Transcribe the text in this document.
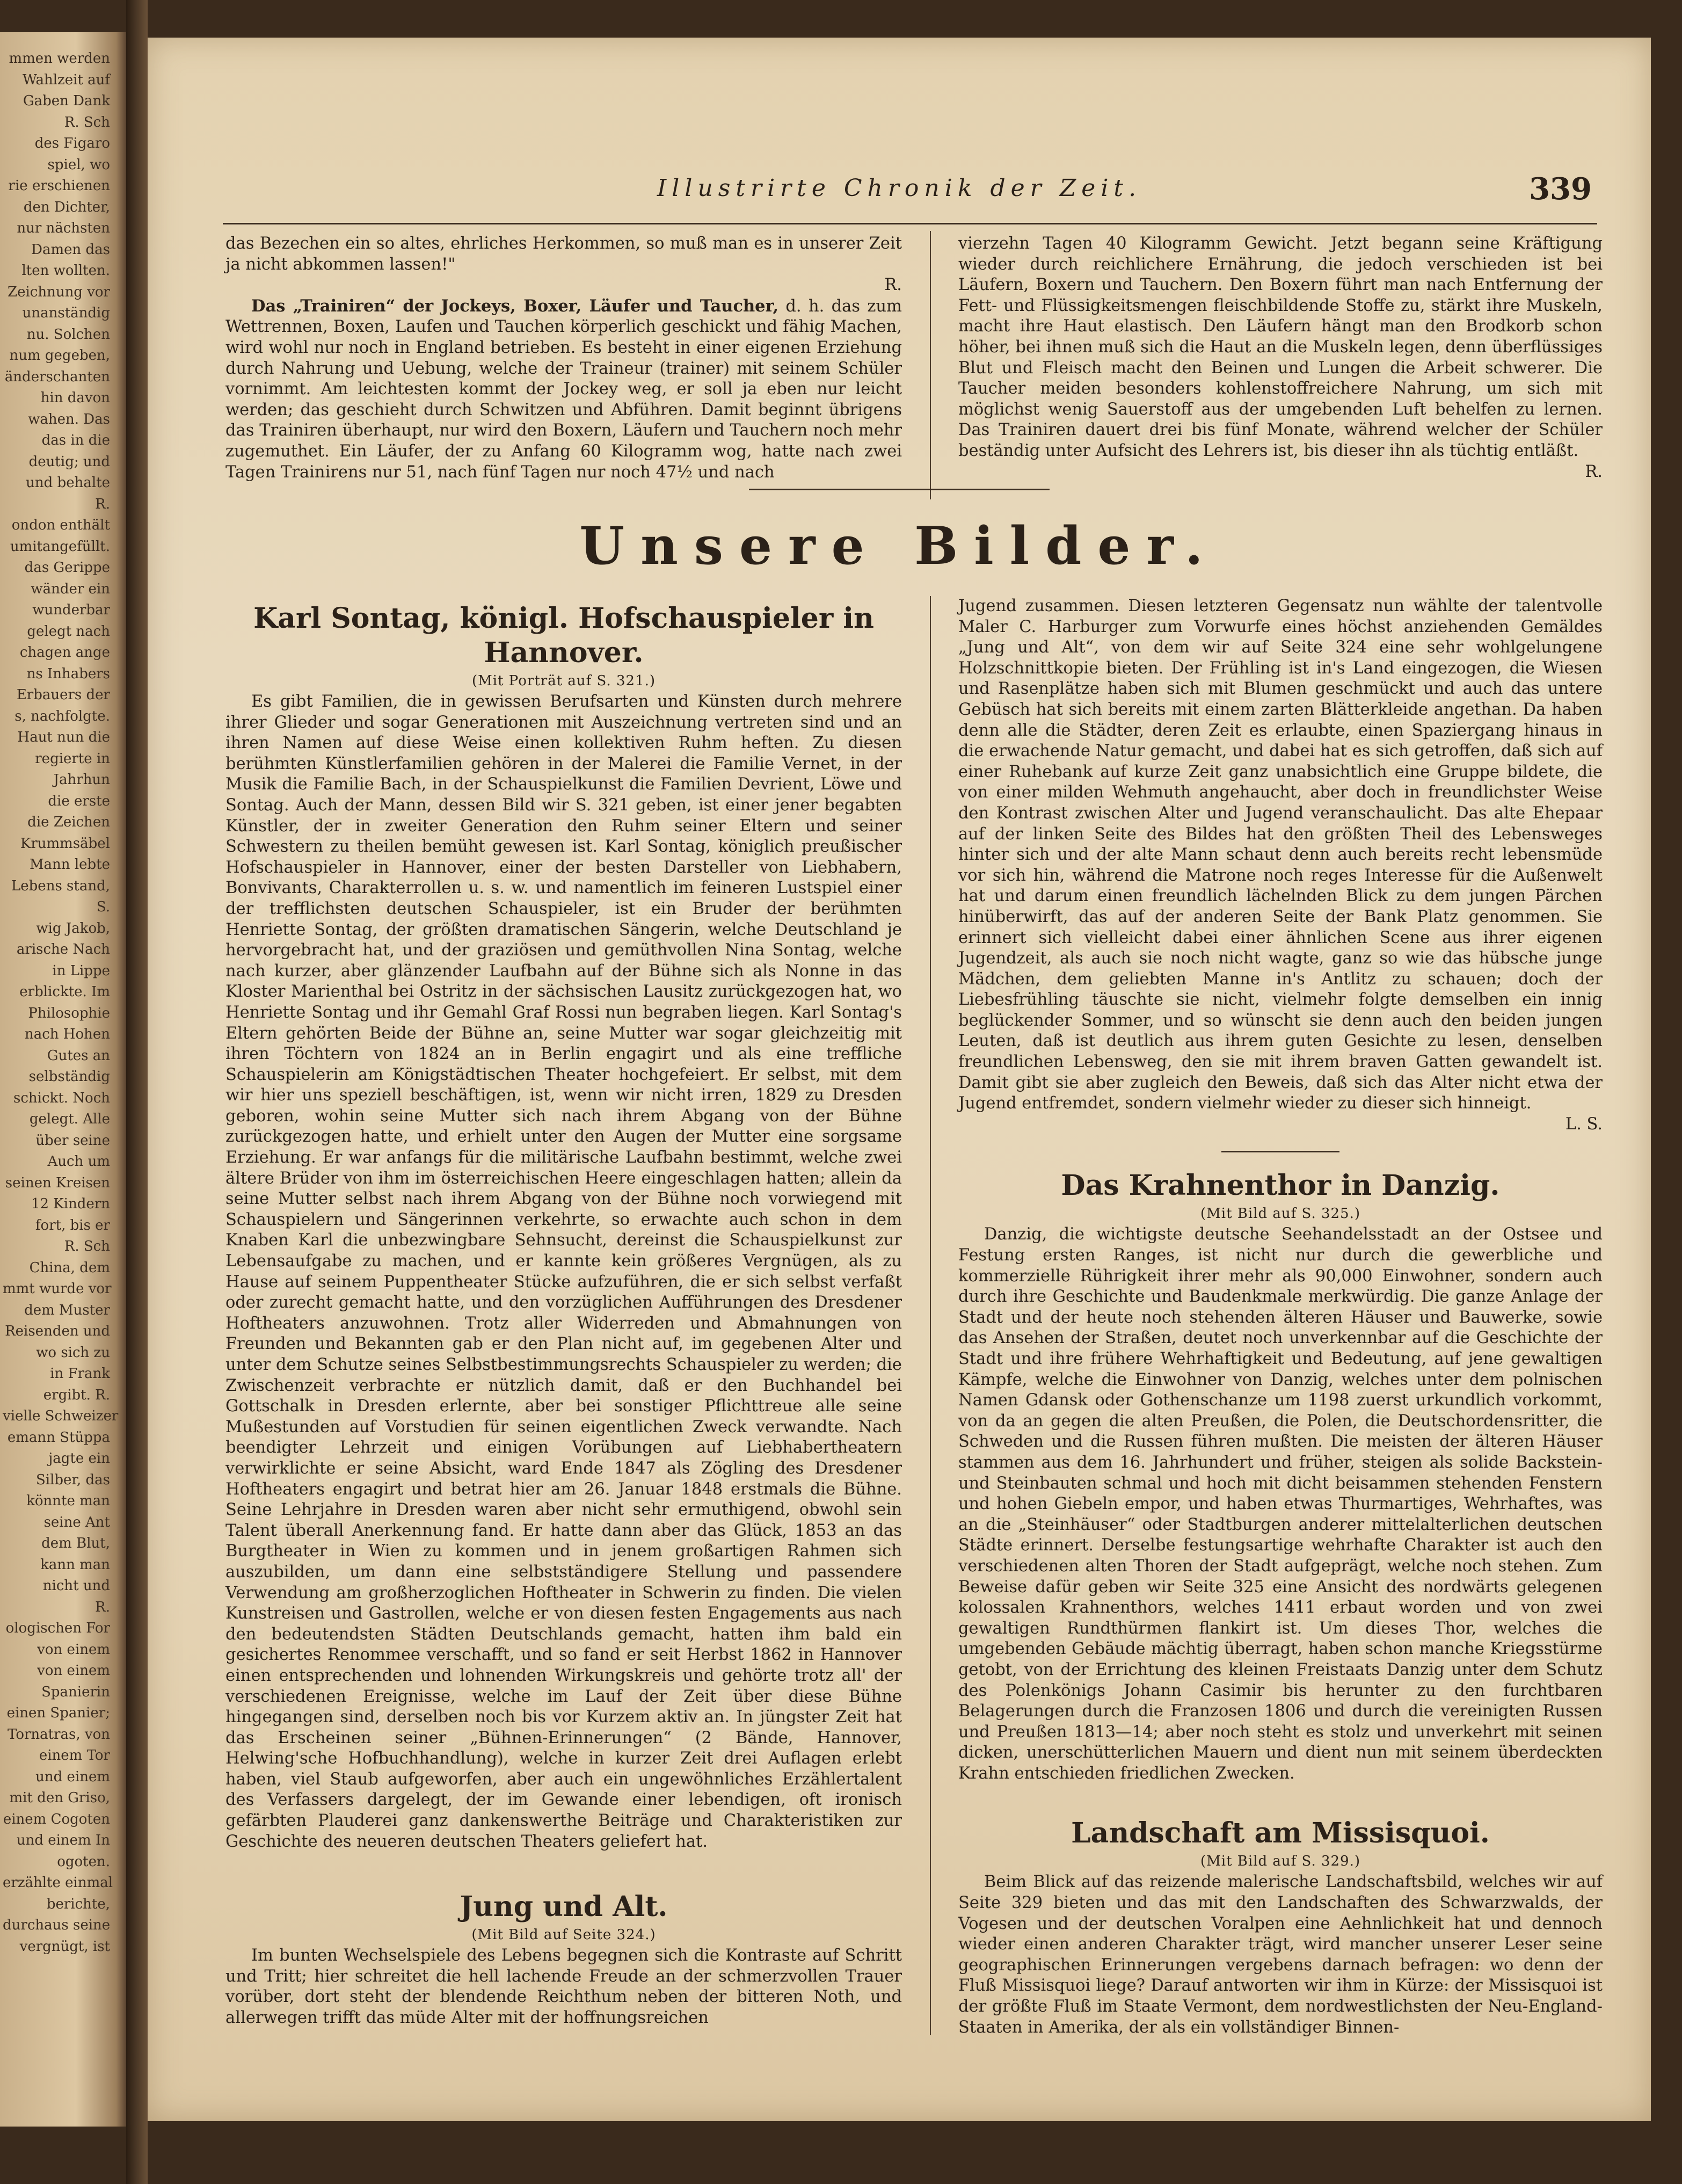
mmen werden
Wahlzeit auf
Gaben Dank
R. Sch
des Figaro
spiel, wo
rie erschienen
den Dichter,
nur nächsten
Damen das
lten wollten.
Zeichnung vor
unanständig
nu. Solchen
num gegeben,
änderschanten
hin davon
wahen. Das
das in die
deutig; und
und behalte
R.
ondon enthält
umitangefüllt.
das Gerippe
wänder ein
wunderbar
gelegt nach
chagen ange
ns Inhabers
Erbauers der
s, nachfolgte.
Haut nun die
regierte in
Jahrhun
die erste
die Zeichen
Krummsäbel
Mann lebte
Lebens stand,
S.
wig Jakob,
arische Nach
in Lippe
erblickte. Im
Philosophie
nach Hohen
Gutes an
selbständig
schickt. Noch
gelegt. Alle
über seine
Auch um
seinen Kreisen
12 Kindern
fort, bis er
R. Sch
China, dem
mmt wurde vor
dem Muster
Reisenden und
wo sich zu
in Frank
ergibt. R.
vielle Schweizer
emann Stüppa
jagte ein
Silber, das
könnte man
seine Ant
dem Blut,
kann man
nicht und
R.
ologischen For
von einem
von einem
Spanierin
einen Spanier;
Tornatras, von
einem Tor
und einem
mit den Griso,
einem Cogoten
und einem In
ogoten.
erzählte einmal
berichte,
durchaus seine
vergnügt, ist
Illustrirte Chronik der Zeit.	339

das Bezechen ein so altes, ehrliches Herkommen, so muß man es in unserer Zeit ja nicht abkommen lassen!"

R.

Das „Trainiren“ der Jockeys, Boxer, Läufer und Taucher, d. h. das zum Wettrennen, Boxen, Laufen und Tauchen körperlich geschickt und fähig Machen, wird wohl nur noch in England betrieben. Es besteht in einer eigenen Erziehung durch Nahrung und Uebung, welche der Traineur (trainer) mit seinem Schüler vornimmt. Am leichtesten kommt der Jockey weg, er soll ja eben nur leicht werden; das geschieht durch Schwitzen und Abführen. Damit beginnt übrigens das Trainiren überhaupt, nur wird den Boxern, Läufern und Tauchern noch mehr zugemuthet. Ein Läufer, der zu Anfang 60 Kilogramm wog, hatte nach zwei Tagen Trainirens nur 51, nach fünf Tagen nur noch 47½ und nach

vierzehn Tagen 40 Kilogramm Gewicht. Jetzt begann seine Kräftigung wieder durch reichlichere Ernährung, die jedoch verschieden ist bei Läufern, Boxern und Tauchern. Den Boxern führt man nach Entfernung der Fett- und Flüssigkeitsmengen fleischbildende Stoffe zu, stärkt ihre Muskeln, macht ihre Haut elastisch. Den Läufern hängt man den Brodkorb schon höher, bei ihnen muß sich die Haut an die Muskeln legen, denn überflüssiges Blut und Fleisch macht den Beinen und Lungen die Arbeit schwerer. Die Taucher meiden besonders kohlenstoffreichere Nahrung, um sich mit möglichst wenig Sauerstoff aus der umgebenden Luft behelfen zu lernen. Das Trainiren dauert drei bis fünf Monate, während welcher der Schüler beständig unter Aufsicht des Lehrers ist, bis dieser ihn als tüchtig entläßt.

R.

Unsere Bilder.

Karl Sontag, königl. Hofschauspieler in Hannover.

(Mit Porträt auf S. 321.)

Es gibt Familien, die in gewissen Berufsarten und Künsten durch mehrere ihrer Glieder und sogar Generationen mit Auszeichnung vertreten sind und an ihren Namen auf diese Weise einen kollektiven Ruhm heften. Zu diesen berühmten Künstlerfamilien gehören in der Malerei die Familie Vernet, in der Musik die Familie Bach, in der Schauspielkunst die Familien Devrient, Löwe und Sontag. Auch der Mann, dessen Bild wir S. 321 geben, ist einer jener begabten Künstler, der in zweiter Generation den Ruhm seiner Eltern und seiner Schwestern zu theilen bemüht gewesen ist. Karl Sontag, königlich preußischer Hofschauspieler in Hannover, einer der besten Darsteller von Liebhabern, Bonvivants, Charakterrollen u. s. w. und namentlich im feineren Lustspiel einer der trefflichsten deutschen Schauspieler, ist ein Bruder der berühmten Henriette Sontag, der größten dramatischen Sängerin, welche Deutschland je hervorgebracht hat, und der graziösen und gemüthvollen Nina Sontag, welche nach kurzer, aber glänzender Laufbahn auf der Bühne sich als Nonne in das Kloster Marienthal bei Ostritz in der sächsischen Lausitz zurückgezogen hat, wo Henriette Sontag und ihr Gemahl Graf Rossi nun begraben liegen. Karl Sontag's Eltern gehörten Beide der Bühne an, seine Mutter war sogar gleichzeitig mit ihren Töchtern von 1824 an in Berlin engagirt und als eine treffliche Schauspielerin am Königstädtischen Theater hochgefeiert. Er selbst, mit dem wir hier uns speziell beschäftigen, ist, wenn wir nicht irren, 1829 zu Dresden geboren, wohin seine Mutter sich nach ihrem Abgang von der Bühne zurückgezogen hatte, und erhielt unter den Augen der Mutter eine sorgsame Erziehung. Er war anfangs für die militärische Laufbahn bestimmt, welche zwei ältere Brüder von ihm im österreichischen Heere eingeschlagen hatten; allein da seine Mutter selbst nach ihrem Abgang von der Bühne noch vorwiegend mit Schauspielern und Sängerinnen verkehrte, so erwachte auch schon in dem Knaben Karl die unbezwingbare Sehnsucht, dereinst die Schauspielkunst zur Lebensaufgabe zu machen, und er kannte kein größeres Vergnügen, als zu Hause auf seinem Puppentheater Stücke aufzuführen, die er sich selbst verfaßt oder zurecht gemacht hatte, und den vorzüglichen Aufführungen des Dresdener Hoftheaters anzuwohnen. Trotz aller Widerreden und Abmahnungen von Freunden und Bekannten gab er den Plan nicht auf, im gegebenen Alter und unter dem Schutze seines Selbstbestimmungsrechts Schauspieler zu werden; die Zwischenzeit verbrachte er nützlich damit, daß er den Buchhandel bei Gottschalk in Dresden erlernte, aber bei sonstiger Pflichttreue alle seine Mußestunden auf Vorstudien für seinen eigentlichen Zweck verwandte. Nach beendigter Lehrzeit und einigen Vorübungen auf Liebhabertheatern verwirklichte er seine Absicht, ward Ende 1847 als Zögling des Dresdener Hoftheaters engagirt und betrat hier am 26. Januar 1848 erstmals die Bühne. Seine Lehrjahre in Dresden waren aber nicht sehr ermuthigend, obwohl sein Talent überall Anerkennung fand. Er hatte dann aber das Glück, 1853 an das Burgtheater in Wien zu kommen und in jenem großartigen Rahmen sich auszubilden, um dann eine selbstständigere Stellung und passendere Verwendung am großherzoglichen Hoftheater in Schwerin zu finden. Die vielen Kunstreisen und Gastrollen, welche er von diesen festen Engagements aus nach den bedeutendsten Städten Deutschlands gemacht, hatten ihm bald ein gesichertes Renommee verschafft, und so fand er seit Herbst 1862 in Hannover einen entsprechenden und lohnenden Wirkungskreis und gehörte trotz all' der verschiedenen Ereignisse, welche im Lauf der Zeit über diese Bühne hingegangen sind, derselben noch bis vor Kurzem aktiv an. In jüngster Zeit hat das Erscheinen seiner „Bühnen-Erinnerungen“ (2 Bände, Hannover, Helwing'sche Hofbuchhandlung), welche in kurzer Zeit drei Auflagen erlebt haben, viel Staub aufgeworfen, aber auch ein ungewöhnliches Erzählertalent des Verfassers dargelegt, der im Gewande einer lebendigen, oft ironisch gefärbten Plauderei ganz dankenswerthe Beiträge und Charakteristiken zur Geschichte des neueren deutschen Theaters geliefert hat.

Jung und Alt.

(Mit Bild auf Seite 324.)

Im bunten Wechselspiele des Lebens begegnen sich die Kontraste auf Schritt und Tritt; hier schreitet die hell lachende Freude an der schmerzvollen Trauer vorüber, dort steht der blendende Reichthum neben der bitteren Noth, und allerwegen trifft das müde Alter mit der hoffnungsreichen

Jugend zusammen. Diesen letzteren Gegensatz nun wählte der talentvolle Maler C. Harburger zum Vorwurfe eines höchst anziehenden Gemäldes „Jung und Alt“, von dem wir auf Seite 324 eine sehr wohlgelungene Holzschnittkopie bieten. Der Frühling ist in's Land eingezogen, die Wiesen und Rasenplätze haben sich mit Blumen geschmückt und auch das untere Gebüsch hat sich bereits mit einem zarten Blätterkleide angethan. Da haben denn alle die Städter, deren Zeit es erlaubte, einen Spaziergang hinaus in die erwachende Natur gemacht, und dabei hat es sich getroffen, daß sich auf einer Ruhebank auf kurze Zeit ganz unabsichtlich eine Gruppe bildete, die von einer milden Wehmuth angehaucht, aber doch in freundlichster Weise den Kontrast zwischen Alter und Jugend veranschaulicht. Das alte Ehepaar auf der linken Seite des Bildes hat den größten Theil des Lebensweges hinter sich und der alte Mann schaut denn auch bereits recht lebensmüde vor sich hin, während die Matrone noch reges Interesse für die Außenwelt hat und darum einen freundlich lächelnden Blick zu dem jungen Pärchen hinüberwirft, das auf der anderen Seite der Bank Platz genommen. Sie erinnert sich vielleicht dabei einer ähnlichen Scene aus ihrer eigenen Jugendzeit, als auch sie noch nicht wagte, ganz so wie das hübsche junge Mädchen, dem geliebten Manne in's Antlitz zu schauen; doch der Liebesfrühling täuschte sie nicht, vielmehr folgte demselben ein innig beglückender Sommer, und so wünscht sie denn auch den beiden jungen Leuten, daß ist deutlich aus ihrem guten Gesichte zu lesen, denselben freundlichen Lebensweg, den sie mit ihrem braven Gatten gewandelt ist. Damit gibt sie aber zugleich den Beweis, daß sich das Alter nicht etwa der Jugend entfremdet, sondern vielmehr wieder zu dieser sich hinneigt.

L. S.

Das Krahnenthor in Danzig.

(Mit Bild auf S. 325.)

Danzig, die wichtigste deutsche Seehandelsstadt an der Ostsee und Festung ersten Ranges, ist nicht nur durch die gewerbliche und kommerzielle Rührigkeit ihrer mehr als 90,000 Einwohner, sondern auch durch ihre Geschichte und Baudenkmale merkwürdig. Die ganze Anlage der Stadt und der heute noch stehenden älteren Häuser und Bauwerke, sowie das Ansehen der Straßen, deutet noch unverkennbar auf die Geschichte der Stadt und ihre frühere Wehrhaftigkeit und Bedeutung, auf jene gewaltigen Kämpfe, welche die Einwohner von Danzig, welches unter dem polnischen Namen Gdansk oder Gothenschanze um 1198 zuerst urkundlich vorkommt, von da an gegen die alten Preußen, die Polen, die Deutschordensritter, die Schweden und die Russen führen mußten. Die meisten der älteren Häuser stammen aus dem 16. Jahrhundert und früher, steigen als solide Backstein- und Steinbauten schmal und hoch mit dicht beisammen stehenden Fenstern und hohen Giebeln empor, und haben etwas Thurmartiges, Wehrhaftes, was an die „Steinhäuser“ oder Stadtburgen anderer mittelalterlichen deutschen Städte erinnert. Derselbe festungsartige wehrhafte Charakter ist auch den verschiedenen alten Thoren der Stadt aufgeprägt, welche noch stehen. Zum Beweise dafür geben wir Seite 325 eine Ansicht des nordwärts gelegenen kolossalen Krahnenthors, welches 1411 erbaut worden und von zwei gewaltigen Rundthürmen flankirt ist. Um dieses Thor, welches die umgebenden Gebäude mächtig überragt, haben schon manche Kriegsstürme getobt, von der Errichtung des kleinen Freistaats Danzig unter dem Schutz des Polenkönigs Johann Casimir bis herunter zu den furchtbaren Belagerungen durch die Franzosen 1806 und durch die vereinigten Russen und Preußen 1813—14; aber noch steht es stolz und unverkehrt mit seinen dicken, unerschütterlichen Mauern und dient nun mit seinem überdeckten Krahn entschieden friedlichen Zwecken.

Landschaft am Missisquoi.

(Mit Bild auf S. 329.)

Beim Blick auf das reizende malerische Landschaftsbild, welches wir auf Seite 329 bieten und das mit den Landschaften des Schwarzwalds, der Vogesen und der deutschen Voralpen eine Aehnlichkeit hat und dennoch wieder einen anderen Charakter trägt, wird mancher unserer Leser seine geographischen Erinnerungen vergebens darnach befragen: wo denn der Fluß Missisquoi liege? Darauf antworten wir ihm in Kürze: der Missisquoi ist der größte Fluß im Staate Vermont, dem nordwestlichsten der Neu-England-Staaten in Amerika, der als ein vollständiger Binnen-
